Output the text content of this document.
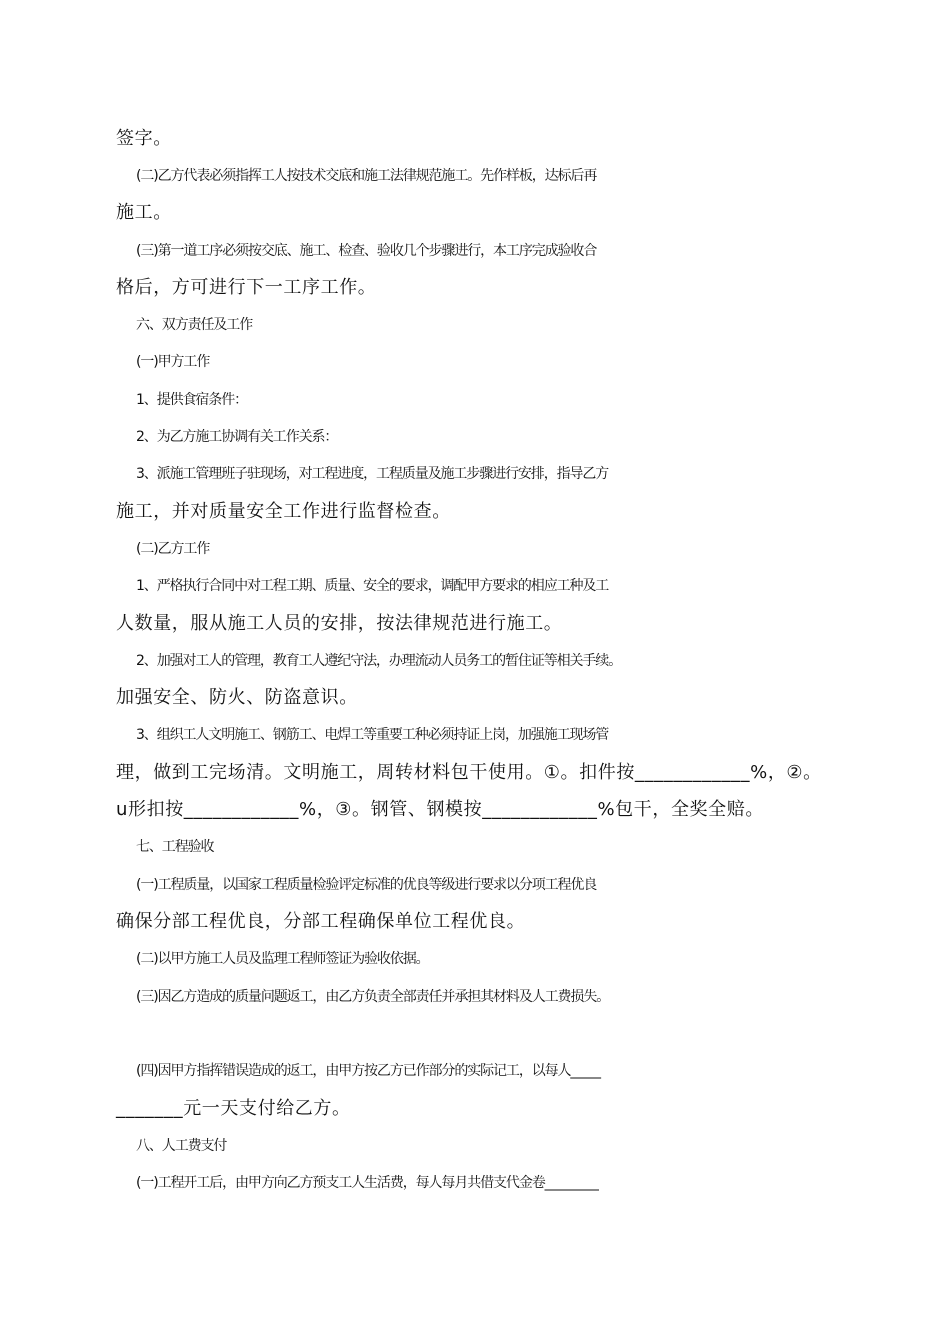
签字。
(二)乙方代表必须指挥工人按技术交底和施工法律规范施工。先作样板，达标后再
施工。
(三)第一道工序必须按交底、施工、检查、验收几个步骤进行，本工序完成验收合
格后，方可进行下一工序工作。
六、双方责任及工作
(一)甲方工作
1、提供食宿条件：
2、为乙方施工协调有关工作关系：
3、派施工管理班子驻现场，对工程进度，工程质量及施工步骤进行安排，指导乙方
施工，并对质量安全工作进行监督检查。
(二)乙方工作
1、严格执行合同中对工程工期、质量、安全的要求，调配甲方要求的相应工种及工
人数量，服从施工人员的安排，按法律规范进行施工。
2、加强对工人的管理，教育工人遵纪守法，办理流动人员务工的暂住证等相关手续。
加强安全、防火、防盗意识。
3、组织工人文明施工、钢筋工、电焊工等重要工种必须持证上岗，加强施工现场管
理，做到工完场清。文明施工，周转材料包干使用。①。扣件按____________%，②。
u形扣按____________%，③。钢管、钢模按____________%包干，全奖全赔。
七、工程验收
(一)工程质量，以国家工程质量检验评定标准的优良等级进行要求以分项工程优良
确保分部工程优良，分部工程确保单位工程优良。
(二)以甲方施工人员及监理工程师签证为验收依据。
(三)因乙方造成的质量问题返工，由乙方负责全部责任并承担其材料及人工费损失。
(四)因甲方指挥错误造成的返工，由甲方按乙方已作部分的实际记工，以每人_____
_______元一天支付给乙方。
八、人工费支付
(一)工程开工后，由甲方向乙方预支工人生活费，每人每月共借支代金卷_________
